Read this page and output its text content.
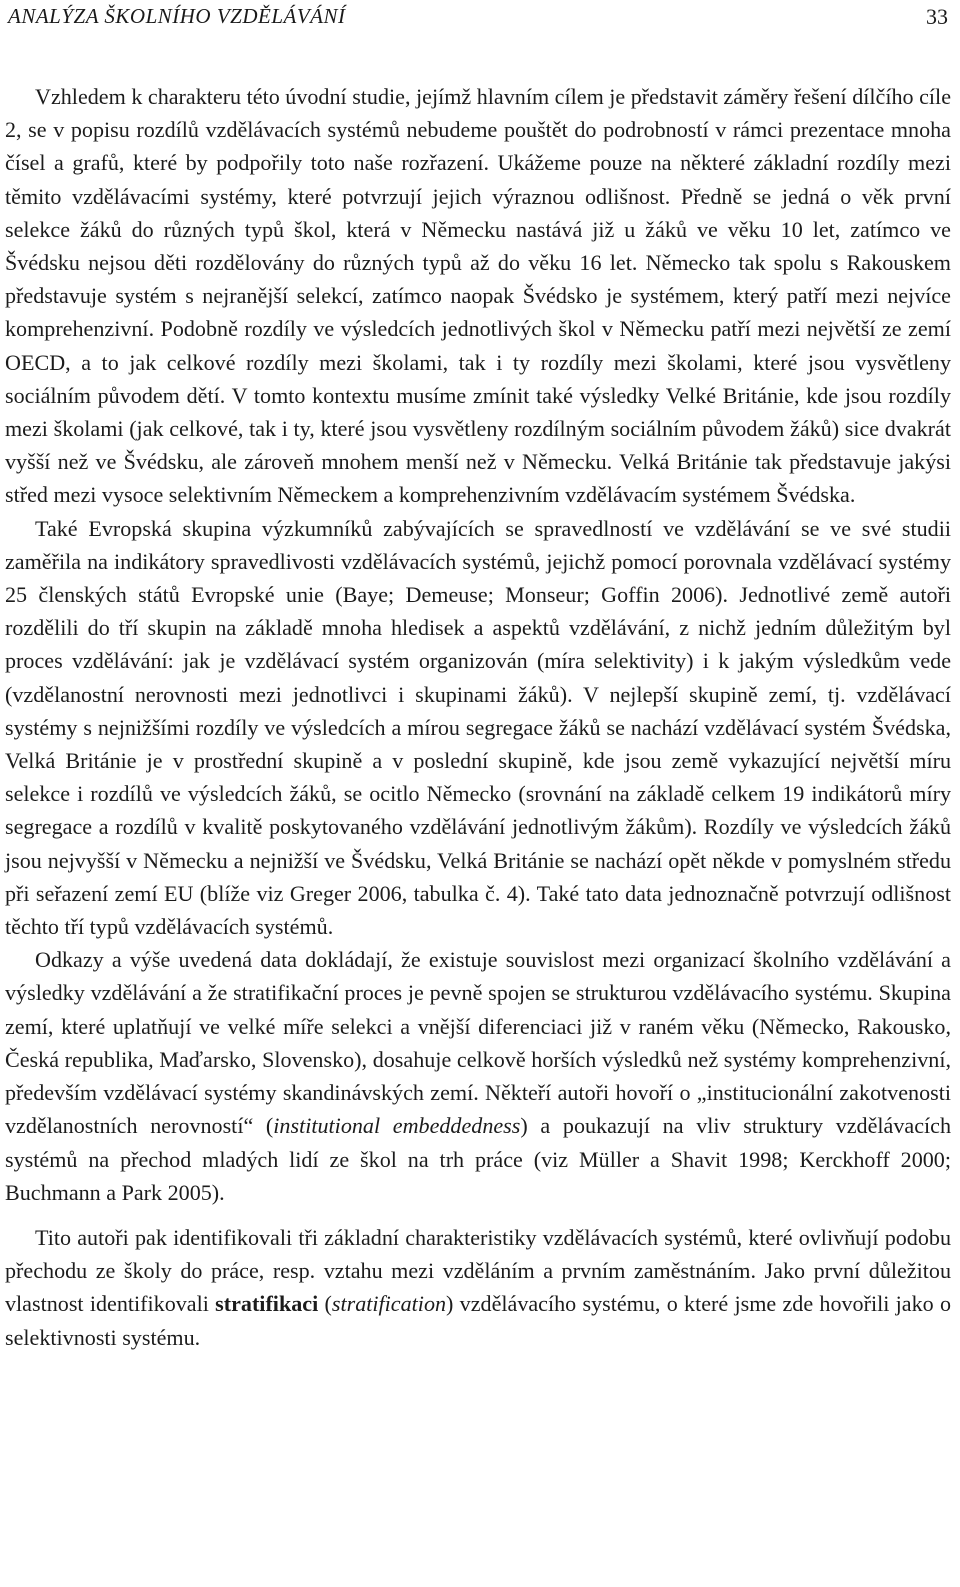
ANALÝZA ŠKOLNÍHO VZDĚLÁVÁNÍ	33

Vzhledem k charakteru této úvodní studie, jejímž hlavním cílem je představit záměry řešení dílčího cíle 2, se v popisu rozdílů vzdělávacích systémů nebudeme pouštět do podrobností v rámci prezentace mnoha čísel a grafů, které by podpořily toto naše rozřazení. Ukážeme pouze na některé základní rozdíly mezi těmito vzdělávacími systémy, které potvrzují jejich výraznou odlišnost. Předně se jedná o věk první selekce žáků do různých typů škol, která v Německu nastává již u žáků ve věku 10 let, zatímco ve Švédsku nejsou děti rozdělovány do různých typů až do věku 16 let. Německo tak spolu s Rakouskem představuje systém s nejranější selekcí, zatímco naopak Švédsko je systémem, který patří mezi nejvíce komprehenzivní. Podobně rozdíly ve výsledcích jednotlivých škol v Německu patří mezi největší ze zemí OECD, a to jak celkové rozdíly mezi školami, tak i ty rozdíly mezi školami, které jsou vysvětleny sociálním původem dětí. V tomto kontextu musíme zmínit také výsledky Velké Británie, kde jsou rozdíly mezi školami (jak celkové, tak i ty, které jsou vysvětleny rozdílným sociálním původem žáků) sice dvakrát vyšší než ve Švédsku, ale zároveň mnohem menší než v Německu. Velká Británie tak představuje jakýsi střed mezi vysoce selektivním Německem a komprehenzivním vzdělávacím systémem Švédska.

Také Evropská skupina výzkumníků zabývajících se spravedlností ve vzdělávání se ve své studii zaměřila na indikátory spravedlivosti vzdělávacích systémů, jejichž pomocí porovnala vzdělávací systémy 25 členských států Evropské unie (Baye; Demeuse; Monseur; Goffin 2006). Jednotlivé země autoři rozdělili do tří skupin na základě mnoha hledisek a aspektů vzdělávání, z nichž jedním důležitým byl proces vzdělávání: jak je vzdělávací systém organizován (míra selektivity) i k jakým výsledkům vede (vzdělanostní nerovnosti mezi jednotlivci i skupinami žáků). V nejlepší skupině zemí, tj. vzdělávací systémy s nejnižšími rozdíly ve výsledcích a mírou segregace žáků se nachází vzdělávací systém Švédska, Velká Británie je v prostřední skupině a v poslední skupině, kde jsou země vykazující největší míru selekce i rozdílů ve výsledcích žáků, se ocitlo Německo (srovnání na základě celkem 19 indikátorů míry segregace a rozdílů v kvalitě poskytovaného vzdělávání jednotlivým žákům). Rozdíly ve výsledcích žáků jsou nejvyšší v Německu a nejnižší ve Švédsku, Velká Británie se nachází opět někde v pomyslném středu při seřazení zemí EU (blíže viz Greger 2006, tabulka č. 4). Také tato data jednoznačně potvrzují odlišnost těchto tří typů vzdělávacích systémů.

Odkazy a výše uvedená data dokládají, že existuje souvislost mezi organizací školního vzdělávání a výsledky vzdělávání a že stratifikační proces je pevně spojen se strukturou vzdělávacího systému. Skupina zemí, které uplatňují ve velké míře selekci a vnější diferenciaci již v raném věku (Německo, Rakousko, Česká republika, Maďarsko, Slovensko), dosahuje celkově horších výsledků než systémy komprehenzivní, především vzdělávací systémy skandinávských zemí. Někteří autoři hovoří o „institucionální zakotvenosti vzdělanostních nerovností“ (institutional embeddedness) a poukazují na vliv struktury vzdělávacích systémů na přechod mladých lidí ze škol na trh práce (viz Müller a Shavit 1998; Kerckhoff 2000; Buchmann a Park 2005).

Tito autoři pak identifikovali tři základní charakteristiky vzdělávacích systémů, které ovlivňují podobu přechodu ze školy do práce, resp. vztahu mezi vzděláním a prvním zaměstnáním. Jako první důležitou vlastnost identifikovali stratifikaci (stratification) vzdělávacího systému, o které jsme zde hovořili jako o selektivnosti systému.
